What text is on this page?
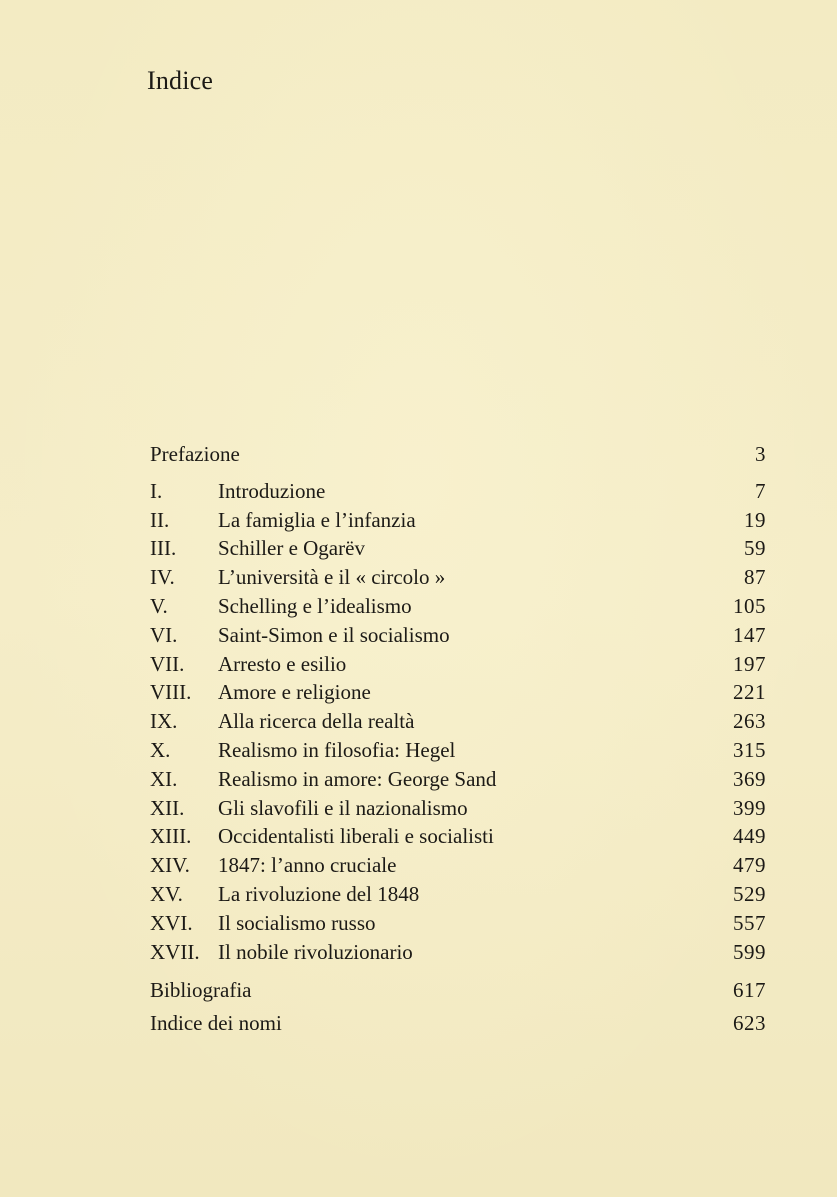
Indice
Prefazione	3
I.	Introduzione	7
II. La famiglia e l’infanzia	19
III. Schiller e Ogarëv	59
IV. L’università e il « circolo »	87
V. Schelling e l’idealismo	105
VI. Saint-Simon e il socialismo	147
VII. Arresto e esilio	197
VIII. Amore e religione	221
IX. Alla ricerca della realtà	263
X. Realismo in filosofia: Hegel	315
XI. Realismo in amore: George Sand	369
XII. Gli slavofili e il nazionalismo	399
XIII. Occidentalisti liberali e socialisti	449
XIV. 1847: l’anno cruciale	479
XV. La rivoluzione del 1848	529
XVI. Il socialismo russo	557
XVII. Il nobile rivoluzionario	599
Bibliografia	617
Indice dei nomi	623
